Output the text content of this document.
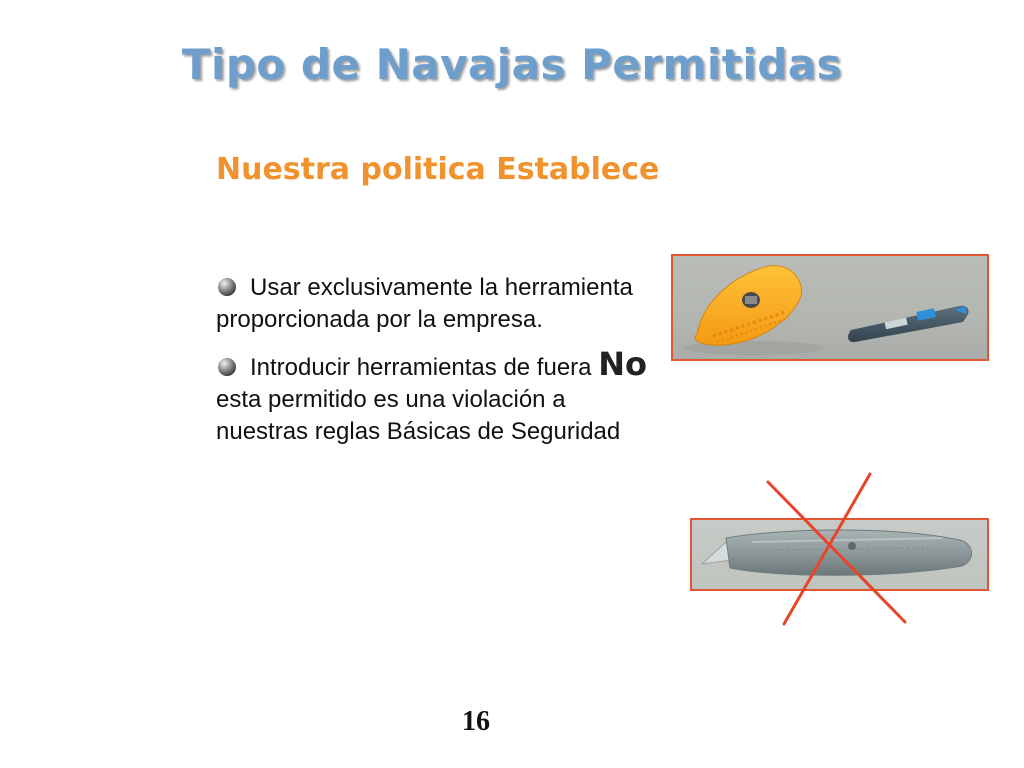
Tipo de Navajas Permitidas
Nuestra politica Establece
Usar exclusivamente la herramienta proporcionada por la empresa.
Introducir herramientas de fuera No esta permitido es una violación a nuestras reglas Básicas de Seguridad
16
